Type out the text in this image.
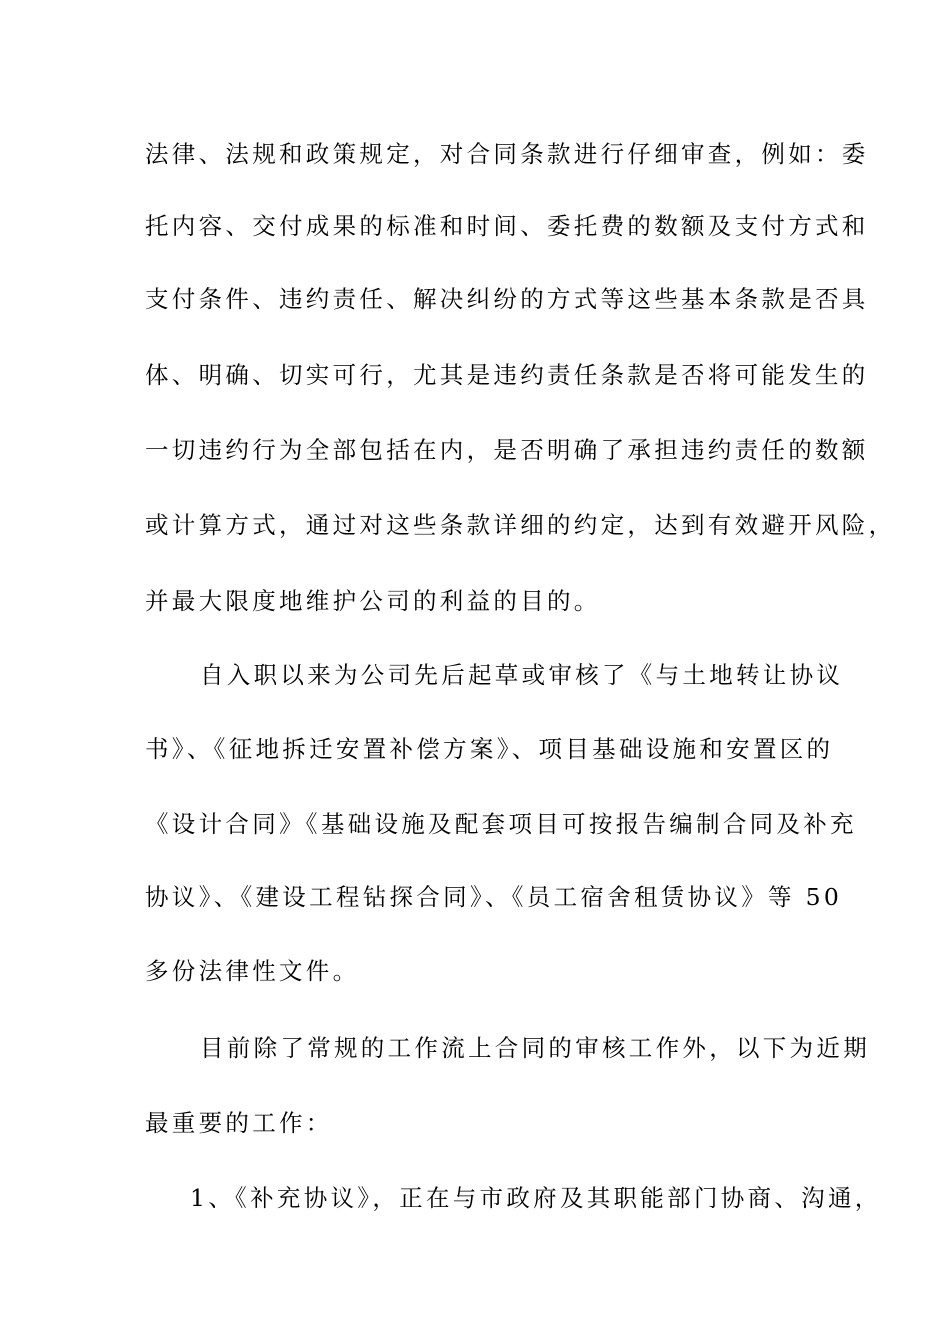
法律、法规和政策规定，对合同条款进行仔细审查，例如：委
托内容、交付成果的标准和时间、委托费的数额及支付方式和
支付条件、违约责任、解决纠纷的方式等这些基本条款是否具
体、明确、切实可行，尤其是违约责任条款是否将可能发生的
一切违约行为全部包括在内，是否明确了承担违约责任的数额
或计算方式，通过对这些条款详细的约定，达到有效避开风险，
并最大限度地维护公司的利益的目的。
自入职以来为公司先后起草或审核了《与土地转让协议
书》、《征地拆迁安置补偿方案》、项目基础设施和安置区的
《设计合同》《基础设施及配套项目可按报告编制合同及补充
协议》、《建设工程钻探合同》、《员工宿舍租赁协议》等 50
多份法律性文件。
目前除了常规的工作流上合同的审核工作外，以下为近期
最重要的工作：
1、《补充协议》，正在与市政府及其职能部门协商、沟通，
